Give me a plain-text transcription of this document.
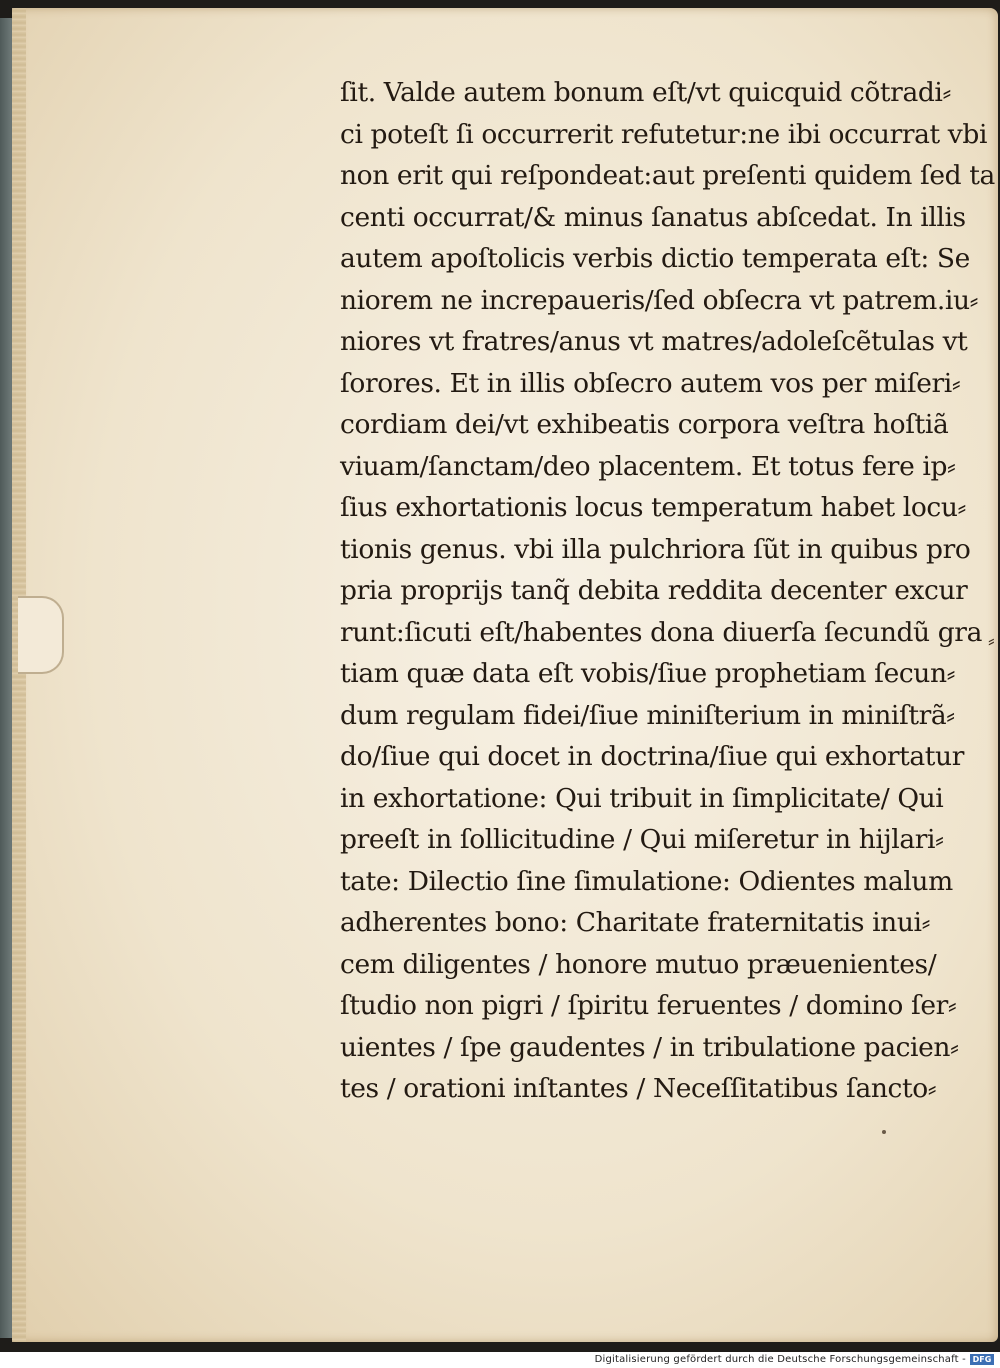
⸗
ſit. Valde autem bonum eſt/vt quicquid cõtradi⸗
ci poteſt ſi occurrerit refutetur:ne ibi occurrat vbi
non erit qui reſpondeat:aut preſenti quidem ſed ta
centi occurrat/& minus ſanatus abſcedat. In illis
autem apoſtolicis verbis dictio temperata eſt: Se
niorem ne increpaueris/ſed obſecra vt patrem.iu⸗
niores vt fratres/anus vt matres/adoleſcẽtulas vt
ſorores. Et in illis obſecro autem vos per miſeri⸗
cordiam dei/vt exhibeatis corpora veſtra hoſtiã
viuam/ſanctam/deo placentem. Et totus fere ip⸗
ſius exhortationis locus temperatum habet locu⸗
tionis genus. vbi illa pulchriora ſũt in quibus pro
pria proprijs tanq̃ debita reddita decenter excur
runt:ſicuti eſt/habentes dona diuerſa ſecundũ gra
tiam quæ data eſt vobis/ſiue prophetiam ſecun⸗
dum regulam fidei/ſiue miniſterium in miniſtrã⸗
do/ſiue qui docet in doctrina/ſiue qui exhortatur
in exhortatione: Qui tribuit in ſimplicitate/ Qui
preeſt in ſollicitudine / Qui miſeretur in hijlari⸗
tate: Dilectio ſine ſimulatione: Odientes malum
adherentes bono: Charitate fraternitatis inui⸗
cem diligentes / honore mutuo præuenientes/
ſtudio non pigri / ſpiritu feruentes / domino ſer⸗
uientes / ſpe gaudentes / in tribulatione pacien⸗
tes / orationi inſtantes / Neceſſitatibus ſancto⸗
Digitalisierung gefördert durch die Deutsche Forschungsgemeinschaft - DFG
